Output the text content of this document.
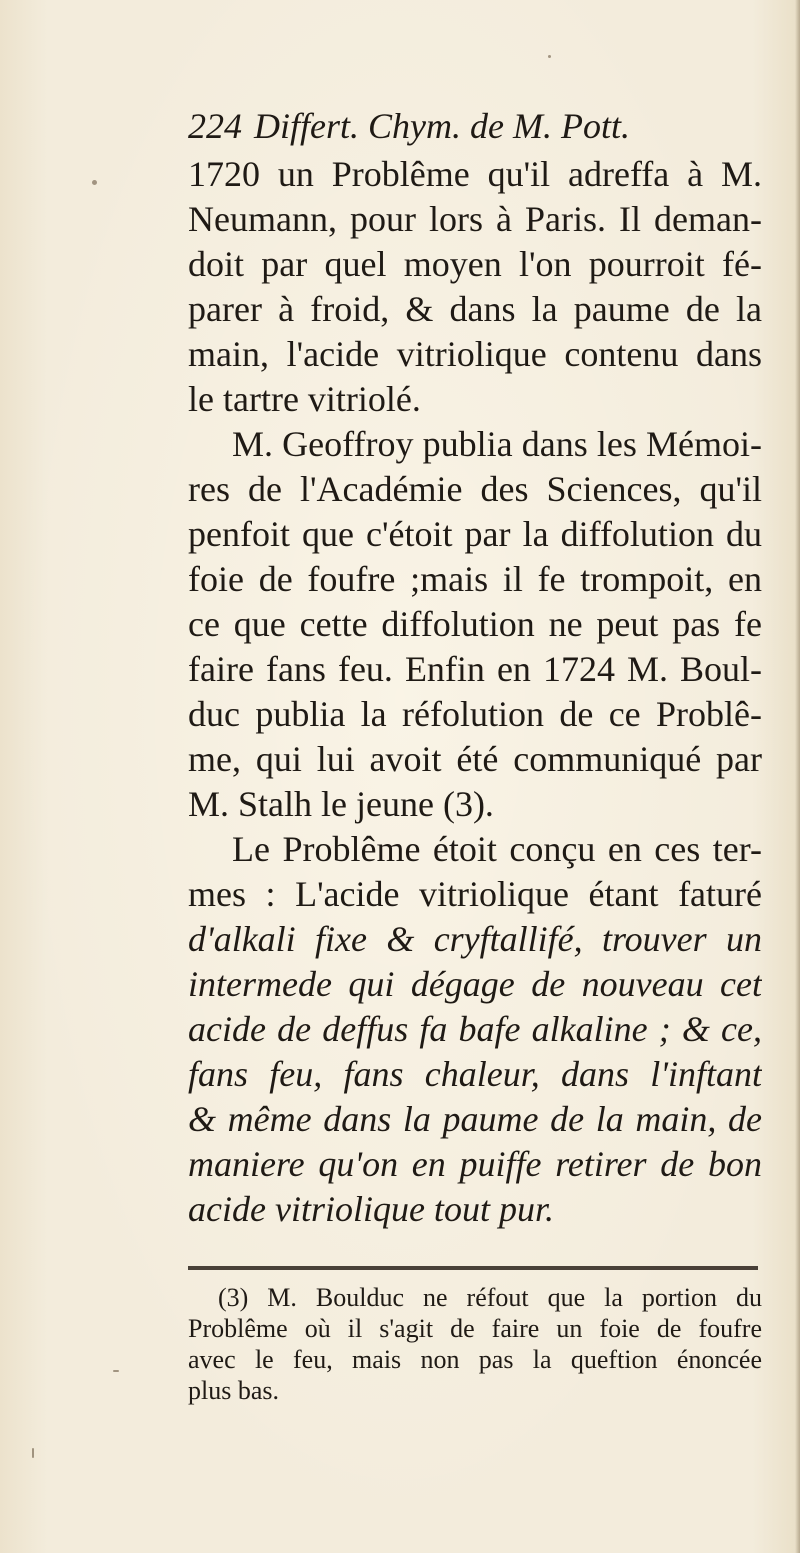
224 Differt. Chym. de M. Pott.
1720 un Problême qu'il adreffa à M.
Neumann, pour lors à Paris. Il deman-
doit par quel moyen l'on pourroit fé-
parer à froid, & dans la paume de la
main, l'acide vitriolique contenu dans
le tartre vitriolé.
M. Geoffroy publia dans les Mémoi-
res de l'Académie des Sciences, qu'il
penfoit que c'étoit par la diffolution du
foie de foufre ;mais il fe trompoit, en
ce que cette diffolution ne peut pas fe
faire fans feu. Enfin en 1724 M. Boul-
duc publia la réfolution de ce Problê-
me, qui lui avoit été communiqué par
M. Stalh le jeune (3).
Le Problême étoit conçu en ces ter-
mes : L'acide vitriolique étant faturé
d'alkali fixe & cryftallifé, trouver un
intermede qui dégage de nouveau cet
acide de deffus fa bafe alkaline ; & ce,
fans feu, fans chaleur, dans l'inftant
& même dans la paume de la main, de
maniere qu'on en puiffe retirer de bon
acide vitriolique tout pur.
(3) M. Boulduc ne réfout que la portion du
Problême où il s'agit de faire un foie de foufre
avec le feu, mais non pas la queftion énoncée
plus bas.
